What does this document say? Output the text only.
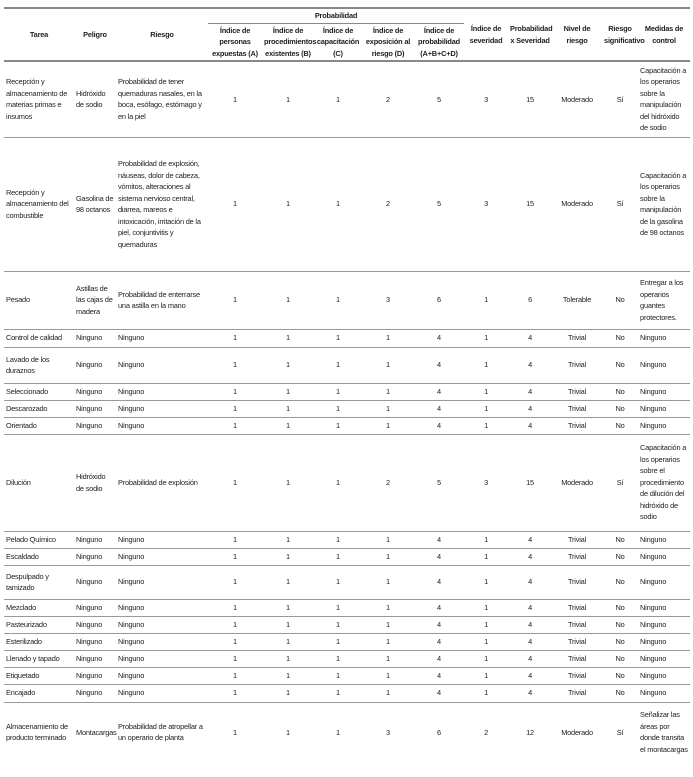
Tarea	Peligro	Riesgo	Probabilidad					Índice de severidad	Probabilidad x Severidad	Nivel de riesgo	Riesgo significativo	Medidas de control
			Índice de personas expuestas (A)	Índice de procedimientos existentes (B)	Índice de capacitación (C)	Índice de exposición al riesgo (D)	Índice de probabilidad (A+B+C+D)					
Recepción y almacenamiento de materias primas e insumos	Hidróxido de sodio	Probabilidad de tener quemaduras nasales, en la boca, esófago, estómago y en la piel	1	1	1	2	5	3	15	Moderado	Sí	Capacitación a los operarios sobre la manipulación del hidróxido de sodio
Recepción y almacenamiento del combustible	Gasolina de 98 octanos	Probabilidad de explosión, náuseas, dolor de cabeza, vómitos, alteraciones al sistema nervioso central, diarrea, mareos e intoxicación, irritación de la piel, conjuntivitis y quemaduras	1	1	1	2	5	3	15	Moderado	Sí	Capacitación a los operarios sobre la manipulación de la gasolina de 98 octanos
Pesado	Astillas de las cajas de madera	Probabilidad de enterrarse una astilla en la mano	1	1	1	3	6	1	6	Tolerable	No	Entregar a los operarios guantes protectores.
Control de calidad	Ninguno	Ninguno	1	1	1	1	4	1	4	Trivial	No	Ninguno
Lavado de los duraznos	Ninguno	Ninguno	1	1	1	1	4	1	4	Trivial	No	Ninguno
Seleccionado	Ninguno	Ninguno	1	1	1	1	4	1	4	Trivial	No	Ninguno
Descarozado	Ninguno	Ninguno	1	1	1	1	4	1	4	Trivial	No	Ninguno
Orientado	Ninguno	Ninguno	1	1	1	1	4	1	4	Trivial	No	Ninguno
Dilución	Hidróxido de sodio	Probabilidad de explosión	1	1	1	2	5	3	15	Moderado	Sí	Capacitación a los operarios sobre el procedimiento de dilución del hidróxido de sodio
Pelado Químico	Ninguno	Ninguno	1	1	1	1	4	1	4	Trivial	No	Ninguno
Escaldado	Ninguno	Ninguno	1	1	1	1	4	1	4	Trivial	No	Ninguno
Despulpado y tamizado	Ninguno	Ninguno	1	1	1	1	4	1	4	Trivial	No	Ninguno
Mezclado	Ninguno	Ninguno	1	1	1	1	4	1	4	Trivial	No	Ninguno
Pasteurizado	Ninguno	Ninguno	1	1	1	1	4	1	4	Trivial	No	Ninguno
Esterilizado	Ninguno	Ninguno	1	1	1	1	4	1	4	Trivial	No	Ninguno
Llenado y tapado	Ninguno	Ninguno	1	1	1	1	4	1	4	Trivial	No	Ninguno
Etiquetado	Ninguno	Ninguno	1	1	1	1	4	1	4	Trivial	No	Ninguno
Encajado	Ninguno	Ninguno	1	1	1	1	4	1	4	Trivial	No	Ninguno
Almacenamiento de producto terminado	Montacargas	Probabilidad de atropellar a un operario de planta	1	1	1	3	6	2	12	Moderado	Sí	Señalizar las áreas por donde transita el montacargas
